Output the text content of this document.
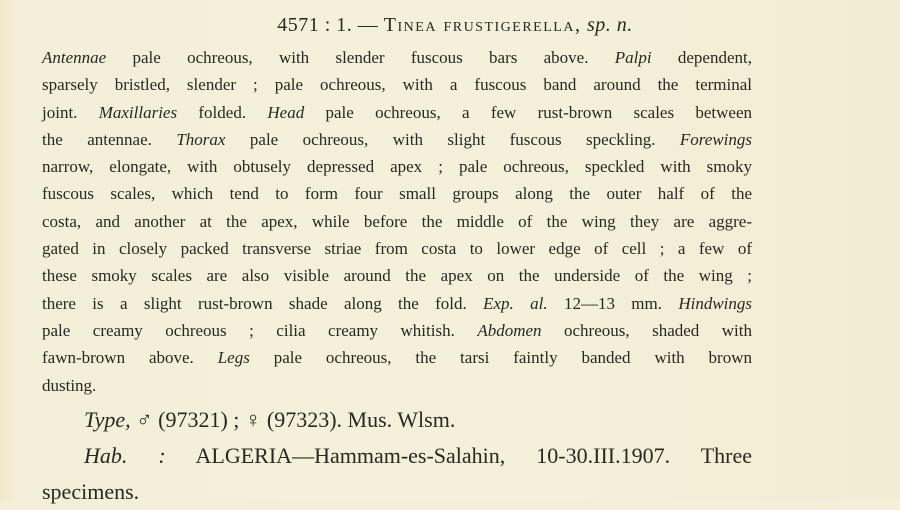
4571 : 1. — Tinea frustigerella, sp. n.
Antennae pale ochreous, with slender fuscous bars above. Palpi dependent,
sparsely bristled, slender ; pale ochreous, with a fuscous band around the terminal
joint. Maxillaries folded. Head pale ochreous, a few rust-brown scales between
the antennae. Thorax pale ochreous, with slight fuscous speckling. Forewings
narrow, elongate, with obtusely depressed apex ; pale ochreous, speckled with smoky
fuscous scales, which tend to form four small groups along the outer half of the
costa, and another at the apex, while before the middle of the wing they are aggre-
gated in closely packed transverse striae from costa to lower edge of cell ; a few of
these smoky scales are also visible around the apex on the underside of the wing ;
there is a slight rust-brown shade along the fold. Exp. al. 12—13 mm. Hindwings
pale creamy ochreous ; cilia creamy whitish. Abdomen ochreous, shaded with
fawn-brown above. Legs pale ochreous, the tarsi faintly banded with brown
dusting.
Type, ♂ (97321) ; ♀ (97323). Mus. Wlsm.
Hab. : ALGERIA—Hammam-es-Salahin, 10-30.III.1907. Three
specimens.
